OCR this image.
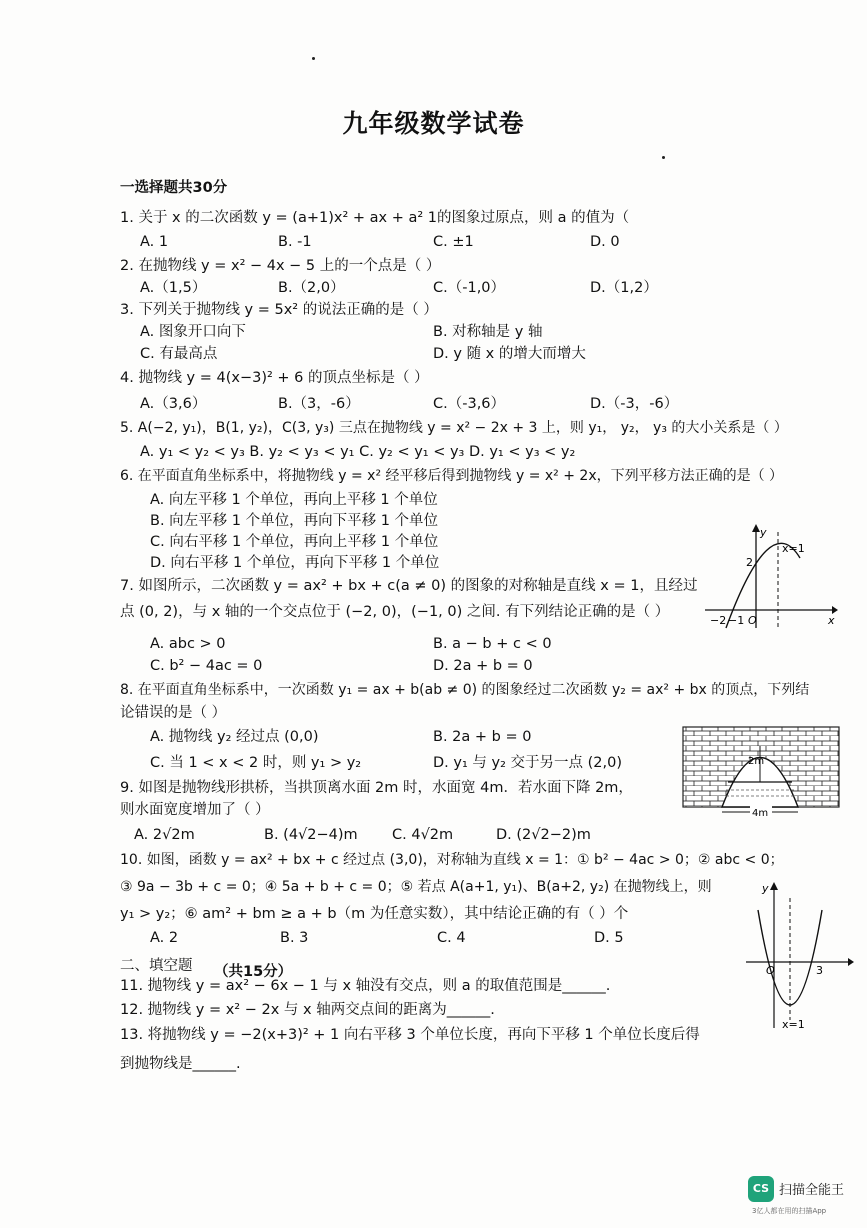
九年级数学试卷
一选择题共30分
1. 关于 x 的二次函数 y = (a+1)x² + ax + a² 1的图象过原点，则 a 的值为（
A. 1	B. -1	C. ±1	D. 0
2. 在抛物线 y = x² − 4x − 5 上的一个点是（ ）
A.（1,5）	B.（2,0）	C.（-1,0）	D.（1,2）
3. 下列关于抛物线 y = 5x² 的说法正确的是（ ）
A. 图象开口向下	B. 对称轴是 y 轴
C. 有最高点	D. y 随 x 的增大而增大
4. 抛物线 y = 4(x−3)² + 6 的顶点坐标是（ ）
A.（3,6）	B.（3，-6）	C.（-3,6）	D.（-3，-6）
5. A(−2, y₁)，B(1, y₂)，C(3, y₃) 三点在抛物线 y = x² − 2x + 3 上，则 y₁， y₂， y₃ 的大小关系是（ ）
A. y₁ < y₂ < y₃ B. y₂ < y₃ < y₁ C. y₂ < y₁ < y₃ D. y₁ < y₃ < y₂
6. 在平面直角坐标系中，将抛物线 y = x² 经平移后得到抛物线 y = x² + 2x，下列平移方法正确的是（ ）
A. 向左平移 1 个单位，再向上平移 1 个单位
B. 向左平移 1 个单位，再向下平移 1 个单位
C. 向右平移 1 个单位，再向上平移 1 个单位
D. 向右平移 1 个单位，再向下平移 1 个单位
7. 如图所示，二次函数 y = ax² + bx + c(a ≠ 0) 的图象的对称轴是直线 x = 1，且经过
点 (0, 2)，与 x 轴的一个交点位于 (−2, 0)，(−1, 0) 之间. 有下列结论正确的是（ ）
A. abc > 0	B. a − b + c < 0
C. b² − 4ac = 0	D. 2a + b = 0
y
x
2
x=1
−2 −1 O
8. 在平面直角坐标系中，一次函数 y₁ = ax + b(ab ≠ 0) 的图象经过二次函数 y₂ = ax² + bx 的顶点，下列结
论错误的是（ ）
A. 抛物线 y₂ 经过点 (0,0)	B. 2a + b = 0
C. 当 1 < x < 2 时，则 y₁ > y₂	D. y₁ 与 y₂ 交于另一点 (2,0)	2m
4m
9. 如图是抛物线形拱桥，当拱顶离水面 2m 时，水面宽 4m．若水面下降 2m，
则水面宽度增加了（ ）
A. 2√2m	B. (4√2−4)m C. 4√2m	D. (2√2−2)m
10. 如图，函数 y = ax² + bx + c 经过点 (3,0)，对称轴为直线 x = 1：① b² − 4ac > 0；② abc < 0；
③ 9a − 3b + c = 0；④ 5a + b + c = 0；⑤ 若点 A(a+1, y₁)、B(a+2, y₂) 在抛物线上，则
y₁ > y₂；⑥ am² + bm ≥ a + b（m 为任意实数），其中结论正确的有（ ）个
A. 2	B. 3	C. 4	D. 5
y
O	3
x=1
二、填空题 （共15分）
11. 抛物线 y = ax² − 6x − 1 与 x 轴没有交点，则 a 的取值范围是______.
12. 抛物线 y = x² − 2x 与 x 轴两交点间的距离为______.
13. 将抛物线 y = −2(x+3)² + 1 向右平移 3 个单位长度，再向下平移 1 个单位长度后得
到抛物线是______.
CS 扫描全能王
3亿人都在用的扫描App
